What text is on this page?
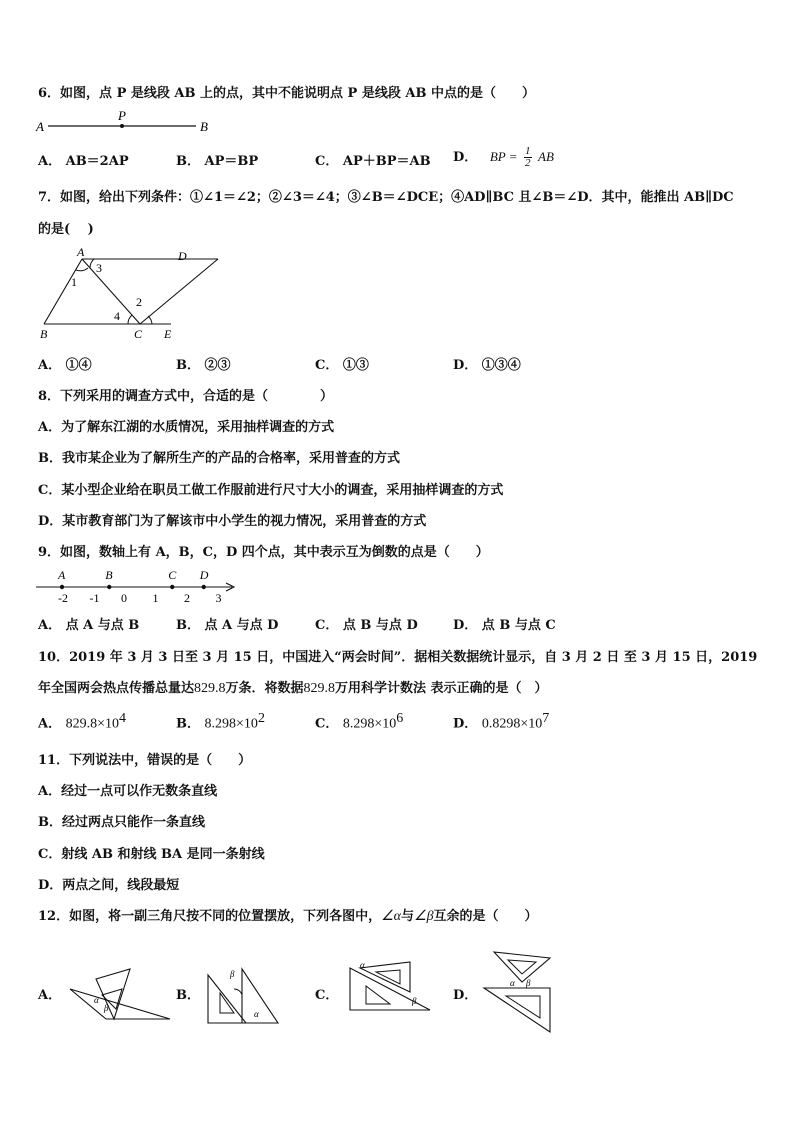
6．如图，点 P 是线段 AB 上的点，其中不能说明点 P 是线段 AB 中点的是（　　）
A
P
B
A． AB＝2AP	B． AP＝BP	C． AP＋BP＝AB D． BP = $\frac{1}{2}$ AB
7．如图，给出下列条件：①∠1＝∠2；②∠3＝∠4；③∠B＝∠DCE；④AD∥BC 且∠B＝∠D．其中，能推出 AB∥DC
的是(　 )
A	D
B	C E
1
2
3
4
A． ①④	B． ②③	C． ①③	D． ①③④
8．下列采用的调查方式中，合适的是（　　　　）
A．为了解东江湖的水质情况，采用抽样调查的方式
B．我市某企业为了解所生产的产品的合格率，采用普查的方式
C．某小型企业给在职员工做工作服前进行尺寸大小的调查，采用抽样调查的方式
D．某市教育部门为了解该市中小学生的视力情况，采用普查的方式
9．如图，数轴上有 A，B，C，D 四个点，其中表示互为倒数的点是（　　）
-2 -1 0 1 2 3
A	B	C D
A． 点 A 与点 B	B． 点 A 与点 D	C． 点 B 与点 D	D． 点 B 与点 C
10．2019 年 3 月 3 日至 3 月 15 日，中国进入“两会时间”．据相关数据统计显示，自 3 月 2 日 至 3 月 15 日，2019
年全国两会热点传播总量达829.8万条．将数据829.8万用科学计数法 表示正确的是（　）
A． $829.8\times 10^4$	B． $8.298\times 10^2$	C． $8.298\times 10^6$	D． $0.8298\times 10^7$
11．下列说法中，错误的是（　　）
A．经过一点可以作无数条直线
B．经过两点只能作一条直线
C．射线 AB 和射线 BA 是同一条射线
D．两点之间，线段最短
12．如图，将一副三角尺按不同的位置摆放，下列各图中，∠α与∠β互余的是（　　）
A．	α
β
B．
β
α
C．
α
β	D．
α β
